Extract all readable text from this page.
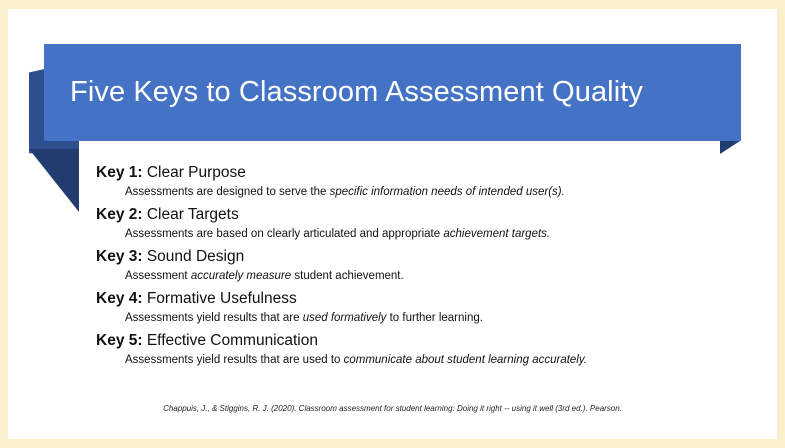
Five Keys to Classroom Assessment Quality
Key 1: Clear Purpose
Assessments are designed to serve the specific information needs of intended user(s).
Key 2: Clear Targets
Assessments are based on clearly articulated and appropriate achievement targets.
Key 3: Sound Design
Assessment accurately measure student achievement.
Key 4: Formative Usefulness
Assessments yield results that are used formatively to further learning.
Key 5: Effective Communication
Assessments yield results that are used to communicate about student learning accurately.
Chappuis, J., & Stiggins, R. J. (2020). Classroom assessment for student learning: Doing it right -- using it well (3rd ed.). Pearson.
